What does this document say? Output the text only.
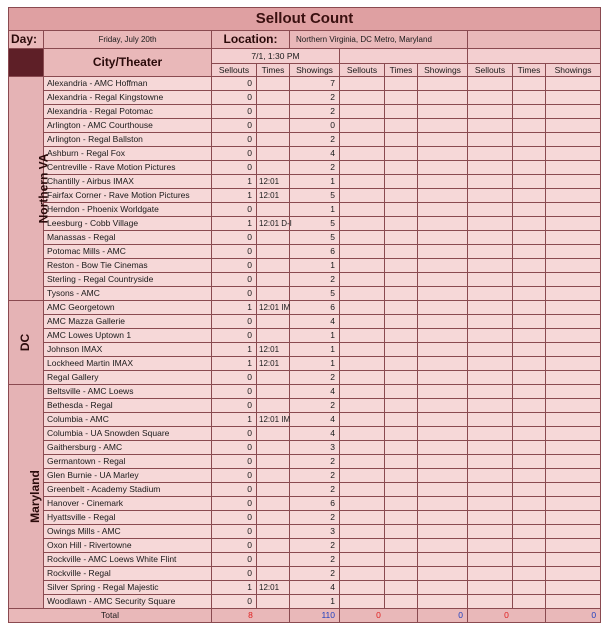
Sellout Count										
Day:	Friday, July 20th	Location:		Northern Virginia, DC Metro, Maryland						
	City/Theater	7/1, 1:30 PM								
		Sellouts	Times	Showings	Sellouts	Times	Showings	Sellouts	Times	Showings
Northern VA	Alexandria - AMC Hoffman	0		7						
	Alexandria - Regal Kingstowne	0		2						
	Alexandria - Regal Potomac	0		2						
	Arlington - AMC Courthouse	0		0						
	Arlington - Regal Ballston	0		2						
	Ashburn - Regal Fox	0		4						
	Centreville - Rave Motion Pictures	0		2						
	Chantilly - Airbus IMAX	1	12:01	1						
	Fairfax Corner - Rave Motion Pictures	1	12:01	5						
	Herndon - Phoenix Worldgate	0		1						
	Leesburg - Cobb Village	1	12:01 D-I	5						
	Manassas - Regal	0		5						
	Potomac Mills - AMC	0		6						
	Reston - Bow Tie Cinemas	0		1						
	Sterling - Regal Countryside	0		2						
	Tysons - AMC	0		5						
DC	AMC Georgetown	1	12:01 IM	6						
	AMC Mazza Gallerie	0		4						
	AMC Lowes Uptown 1	0		1						
	Johnson IMAX	1	12:01	1						
	Lockheed Martin IMAX	1	12:01	1						
	Regal Gallery	0		2						
Maryland	Beltsville - AMC Loews	0		4						
	Bethesda - Regal	0		2						
	Columbia - AMC	1	12:01 IM	4						
	Columbia - UA Snowden Square	0		4						
	Gaithersburg - AMC	0		3						
	Germantown - Regal	0		2						
	Glen Burnie - UA Marley	0		2						
	Greenbelt - Academy Stadium	0		2						
	Hanover - Cinemark	0		6						
	Hyattsville - Regal	0		2						
	Owings Mills - AMC	0		3						
	Oxon Hill - Rivertowne	0		2						
	Rockville - AMC Loews White Flint	0		2						
	Rockville - Regal	0		2						
	Silver Spring - Regal Majestic	1	12:01	4						
	Woodlawn - AMC Security Square	0		1						
Total		8		110	0		0	0		0
